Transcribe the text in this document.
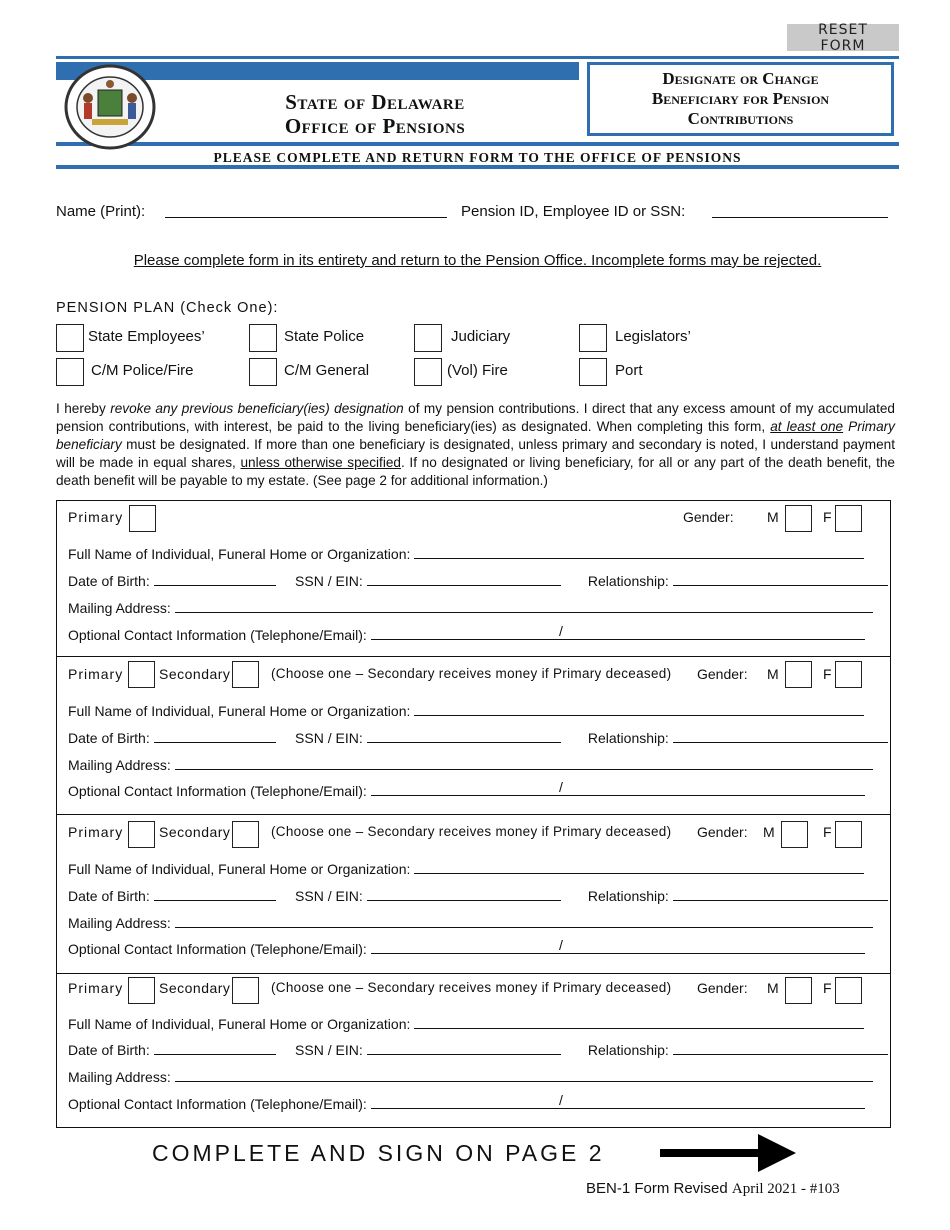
RESET FORM
State of Delaware
Office of Pensions
Designate or Change
Beneficiary for Pension
Contributions
PLEASE COMPLETE AND RETURN FORM TO THE OFFICE OF PENSIONS
Name (Print):	Pension ID, Employee ID or SSN:
Please complete form in its entirety and return to the Pension Office. Incomplete forms may be rejected.
PENSION PLAN (Check One):
State Employees’	State Police	Judiciary	Legislators’
C/M Police/Fire	C/M General	(Vol) Fire	Port
I hereby revoke any previous beneficiary(ies) designation of my pension contributions. I direct that any excess amount of my accumulated pension contributions, with interest, be paid to the living beneficiary(ies) as designated. When completing this form, at least one Primary beneficiary must be designated. If more than one beneficiary is designated, unless primary and secondary is noted, I understand payment will be made in equal shares, unless otherwise specified. If no designated or living beneficiary, for all or any part of the death benefit, the death benefit will be payable to my estate. (See page 2 for additional information.)
Primary	Gender: M	F
Full Name of Individual, Funeral Home or Organization:
Date of Birth:	SSN / EIN:	Relationship:
Mailing Address:
Optional Contact Information (Telephone/Email):	/
Primary	Secondary	(Choose one – Secondary receives money if Primary deceased) Gender: M	F
Full Name of Individual, Funeral Home or Organization:
Date of Birth:	SSN / EIN:	Relationship:
Mailing Address:
Optional Contact Information (Telephone/Email):	/
Primary	Secondary	(Choose one – Secondary receives money if Primary deceased) Gender: M	F
Full Name of Individual, Funeral Home or Organization:
Date of Birth:	SSN / EIN:	Relationship:
Mailing Address:
Optional Contact Information (Telephone/Email):	/
Primary	Secondary	(Choose one – Secondary receives money if Primary deceased) Gender: M	F
Full Name of Individual, Funeral Home or Organization:
Date of Birth:	SSN / EIN:	Relationship:
Mailing Address:
Optional Contact Information (Telephone/Email):	/
COMPLETE AND SIGN ON PAGE 2
BEN-1 Form Revised April 2021 - #103
